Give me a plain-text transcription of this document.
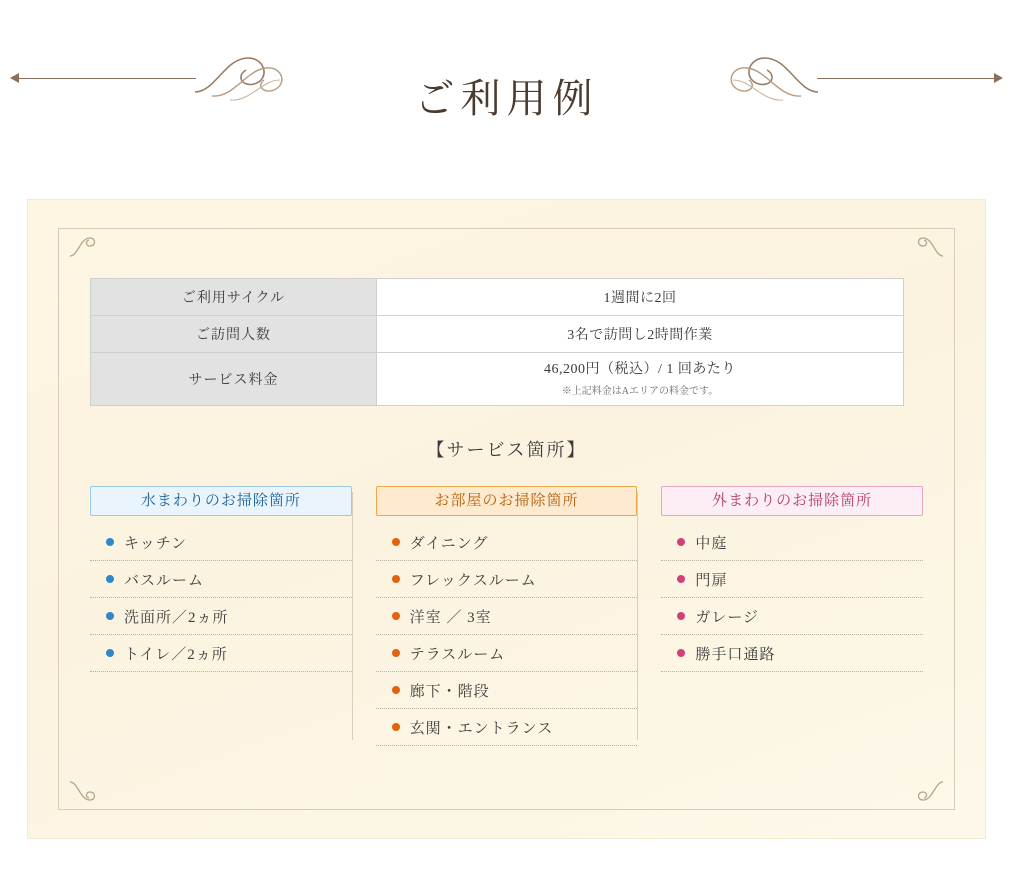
ご利用例
ご利用サイクル	1週間に2回
ご訪問人数	3名で訪問し2時間作業
サービス料金	46,200円（税込）/ 1 回あたり
※上記料金はAエリアの料金です。
【サービス箇所】
水まわりのお掃除箇所
キッチン
バスルーム
洗面所／2ヵ所
トイレ／2ヵ所
お部屋のお掃除箇所
ダイニング
フレックスルーム
洋室 ／ 3室
テラスルーム
廊下・階段
玄関・エントランス
外まわりのお掃除箇所
中庭
門扉
ガレージ
勝手口通路
